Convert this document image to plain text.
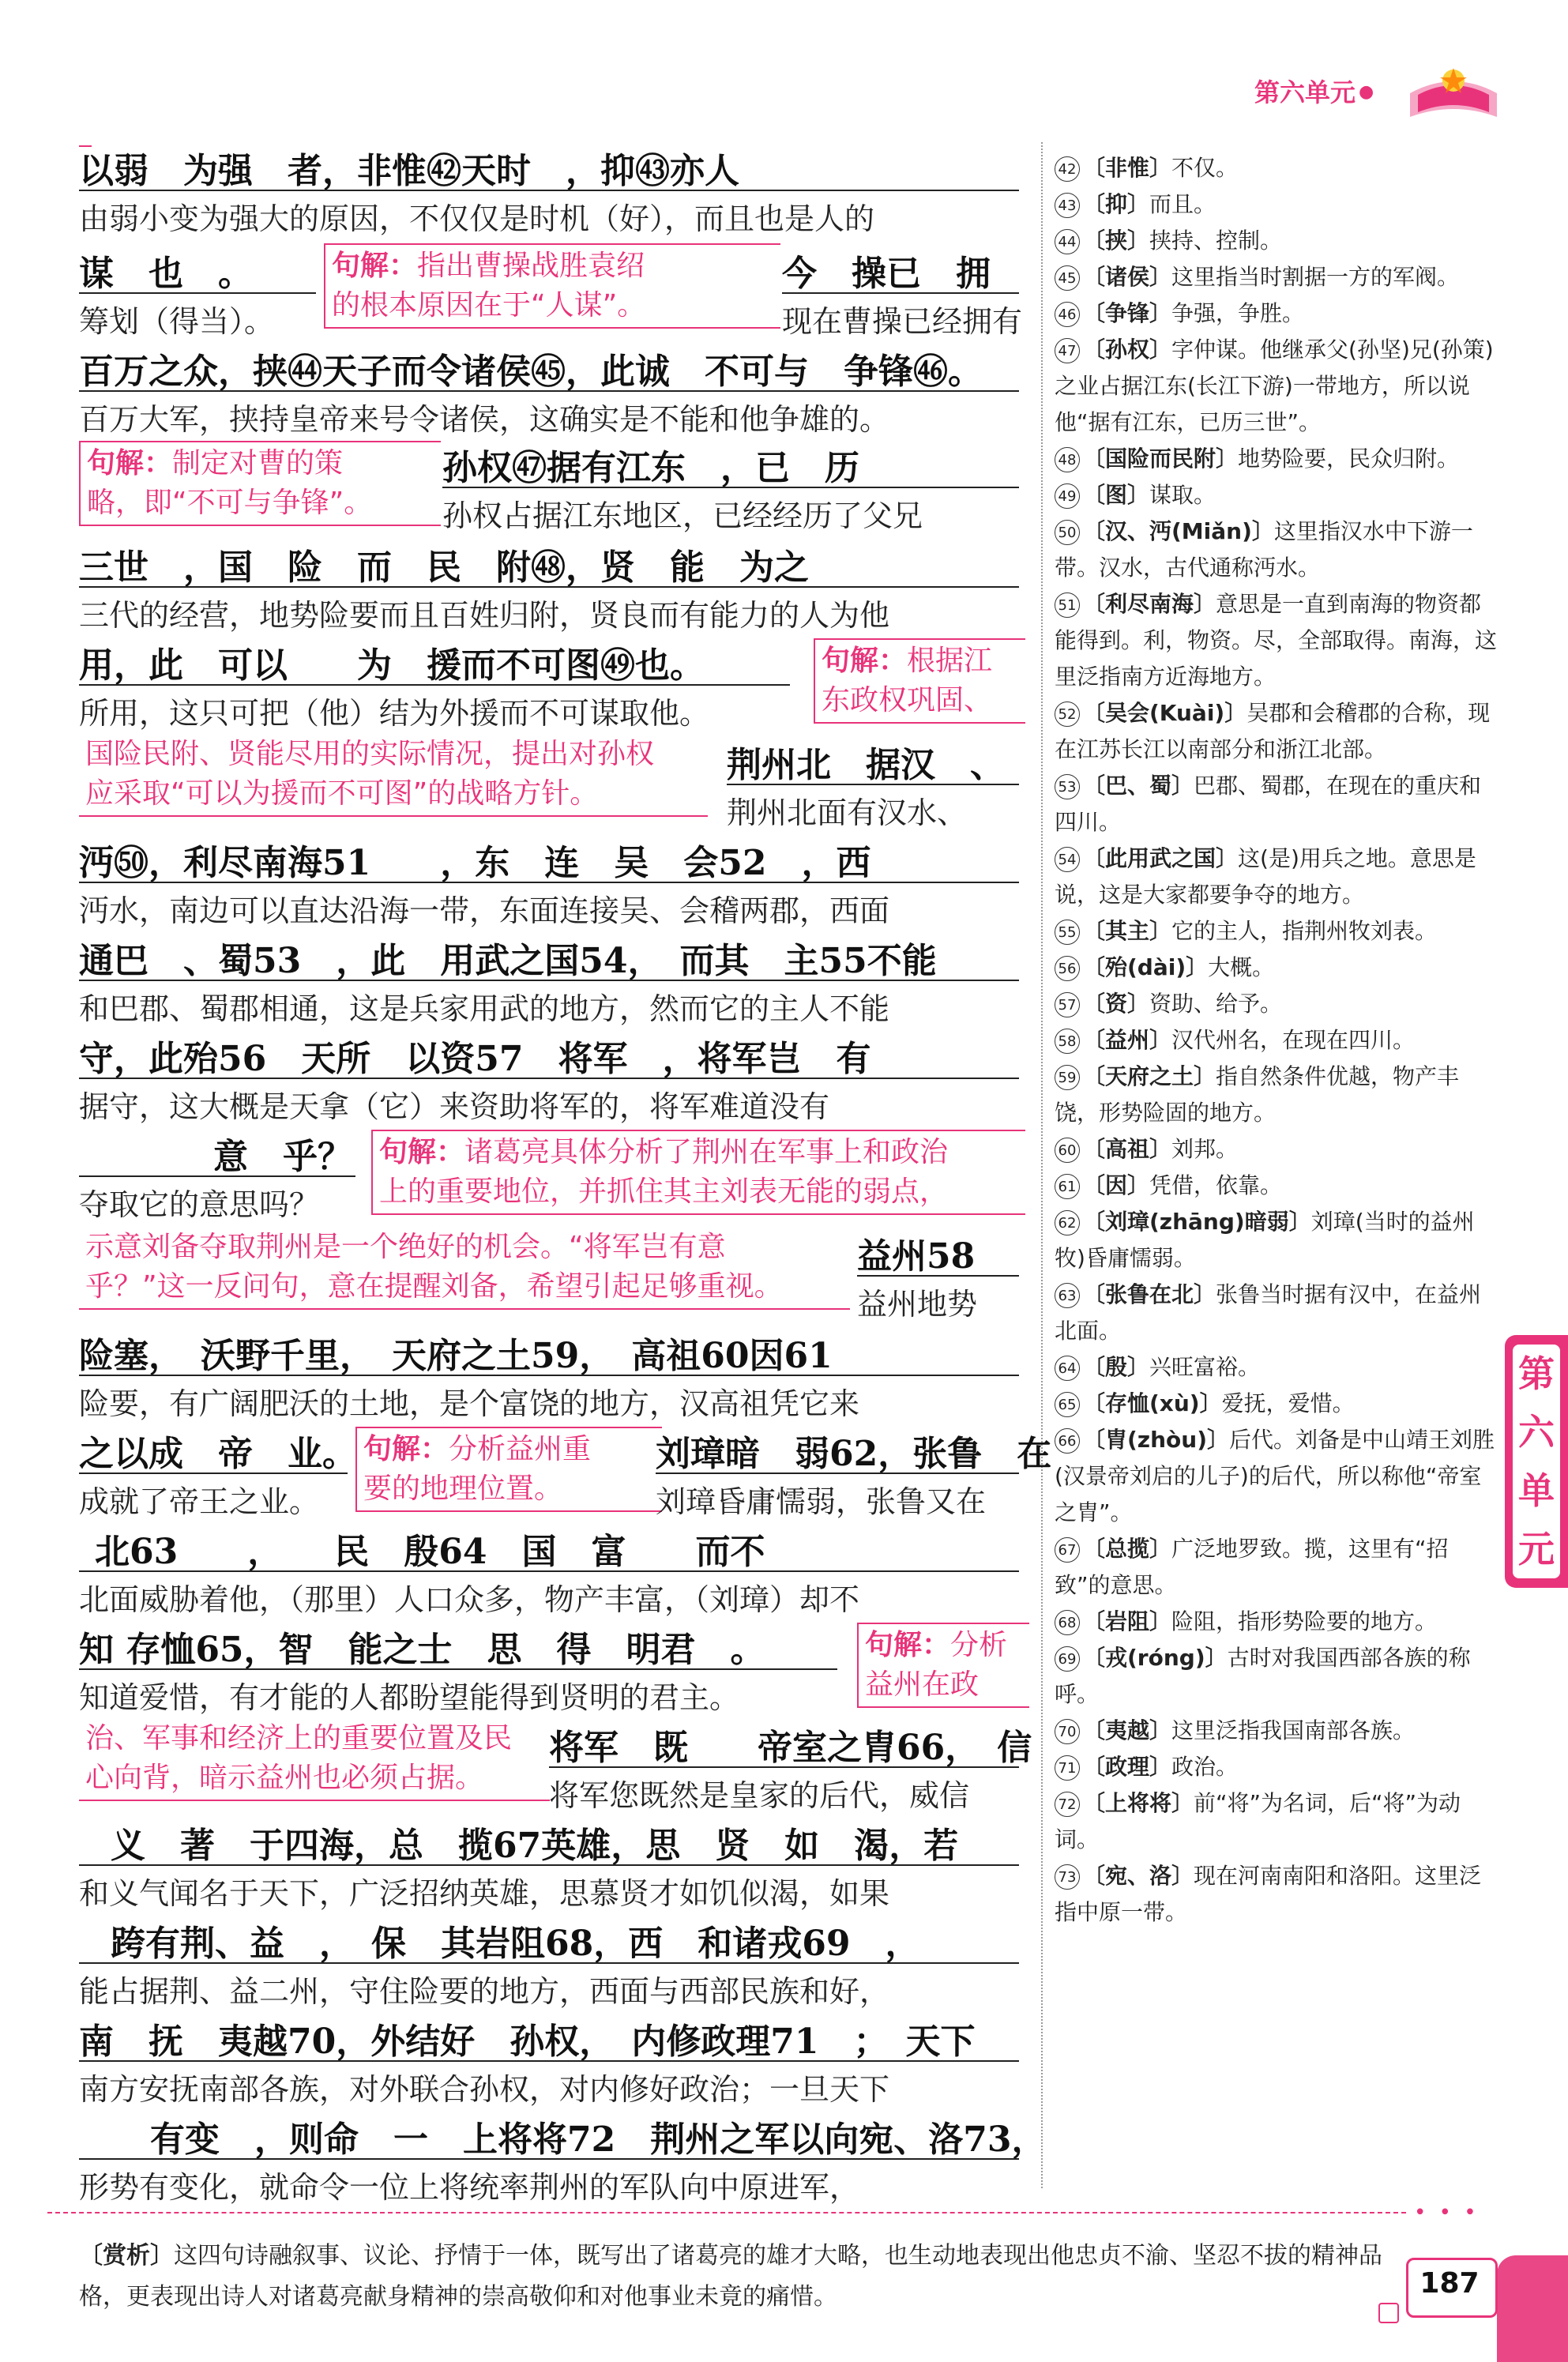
第六单元 ●
以弱　为强　者，非惟㊷天时　，抑㊸亦人
由弱小变为强大的原因，不仅仅是时机（好），而且也是人的
谋　也　。
筹划（得当）。
句解：指出曹操战胜袁绍
的根本原因在于“人谋”。
今　操已　拥
现在曹操已经拥有
百万之众，挟㊹天子而令诸侯㊺，此诚　不可与　争锋㊻。
百万大军，挟持皇帝来号令诸侯，这确实是不能和他争雄的。
句解：制定对曹的策
略，即“不可与争锋”。
孙权㊼据有江东　，已　历
孙权占据江东地区，已经经历了父兄
三世　，国　险　而　民　附㊽，贤　能　为之
三代的经营，地势险要而且百姓归附，贤良而有能力的人为他
用，此　可以　　为　援而不可图㊾也。
所用，这只可把（他）结为外援而不可谋取他。
句解：根据江
东政权巩固、
国险民附、贤能尽用的实际情况，提出对孙权
应采取“可以为援而不可图”的战略方针。
荆州北　据汉　、
荆州北面有汉水、
沔㊿，利尽南海51　　，东　连　吴　会52　，西
沔水，南边可以直达沿海一带，东面连接吴、会稽两郡，西面
通巴　、蜀53　，此　用武之国54，　而其　主55不能
和巴郡、蜀郡相通，这是兵家用武的地方，然而它的主人不能
守，此殆56　天所　以资57　将军　，将军岂　有
据守，这大概是天拿（它）来资助将军的，将军难道没有
意　乎？
夺取它的意思吗？
句解：诸葛亮具体分析了荆州在军事上和政治
上的重要地位，并抓住其主刘表无能的弱点，
示意刘备夺取荆州是一个绝好的机会。“将军岂有意
乎？”这一反问句，意在提醒刘备，希望引起足够重视。
益州58
益州地势
险塞，　沃野千里，　天府之土59，　高祖60因61
险要，有广阔肥沃的土地，是个富饶的地方，汉高祖凭它来
之以成　帝　业。
成就了帝王之业。
句解：分析益州重
要的地理位置。
刘璋暗　弱62，张鲁　在
刘璋昏庸懦弱，张鲁又在
北63　　，　　民　殷64　国　富　　而不
北面威胁着他，（那里）人口众多，物产丰富，（刘璋）却不
知 存恤65，智　能之士　思　得　明君　。
知道爱惜，有才能的人都盼望能得到贤明的君主。
句解：分析
益州在政
治、军事和经济上的重要位置及民
心向背，暗示益州也必须占据。
将军　既　　帝室之胄66，　信
将军您既然是皇家的后代，威信
义　著　于四海，总　揽67英雄，思　贤　如　渴，若
和义气闻名于天下，广泛招纳英雄，思慕贤才如饥似渴，如果
跨有荆、益　，　保　其岩阻68，西　和诸戎69　，
能占据荆、益二州，守住险要的地方，西面与西部民族和好，
南　抚　夷越70，外结好　孙权，　内修政理71　；　天下
南方安抚南部各族，对外联合孙权，对内修好政治；一旦天下
有变　，则命　一　上将将72　荆州之军以向宛、洛73，
形势有变化，就命令一位上将统率荆州的军队向中原进军，

42 〔非惟〕不仅。

43 〔抑〕而且。

44 〔挟〕挟持、控制。

45 〔诸侯〕这里指当时割据一方的军阀。

46 〔争锋〕争强，争胜。

47 〔孙权〕字仲谋。他继承父(孙坚)兄(孙策)之业占据江东(长江下游)一带地方，所以说他“据有江东，已历三世”。

48 〔国险而民附〕地势险要，民众归附。

49 〔图〕谋取。

50 〔汉、沔(Miǎn)〕这里指汉水中下游一带。汉水，古代通称沔水。

51 〔利尽南海〕意思是一直到南海的物资都能得到。利，物资。尽，全部取得。南海，这里泛指南方近海地方。

52 〔吴会(Kuài)〕吴郡和会稽郡的合称，现在江苏长江以南部分和浙江北部。

53 〔巴、蜀〕巴郡、蜀郡，在现在的重庆和四川。

54 〔此用武之国〕这(是)用兵之地。意思是说，这是大家都要争夺的地方。

55 〔其主〕它的主人，指荆州牧刘表。

56 〔殆(dài)〕大概。

57 〔资〕资助、给予。

58 〔益州〕汉代州名，在现在四川。

59 〔天府之土〕指自然条件优越，物产丰饶，形势险固的地方。

60 〔高祖〕刘邦。

61 〔因〕凭借，依靠。

62 〔刘璋(zhāng)暗弱〕刘璋(当时的益州牧)昏庸懦弱。

63 〔张鲁在北〕张鲁当时据有汉中，在益州北面。

64 〔殷〕兴旺富裕。

65 〔存恤(xù)〕爱抚，爱惜。

66 〔胄(zhòu)〕后代。刘备是中山靖王刘胜(汉景帝刘启的儿子)的后代，所以称他“帝室之胄”。

67 〔总揽〕广泛地罗致。揽，这里有“招致”的意思。

68 〔岩阻〕险阻，指形势险要的地方。

69 〔戎(róng)〕古时对我国西部各族的称呼。

70 〔夷越〕这里泛指我国南部各族。

71 〔政理〕政治。

72 〔上将将〕前“将”为名词，后“将”为动词。

73 〔宛、洛〕现在河南南阳和洛阳。这里泛指中原一带。

第
六
单
元
• • •
〔赏析〕这四句诗融叙事、议论、抒情于一体，既写出了诸葛亮的雄才大略，也生动地表现出他忠贞不渝、坚忍不拔的精神品格，更表现出诗人对诸葛亮献身精神的崇高敬仰和对他事业未竟的痛惜。	187
